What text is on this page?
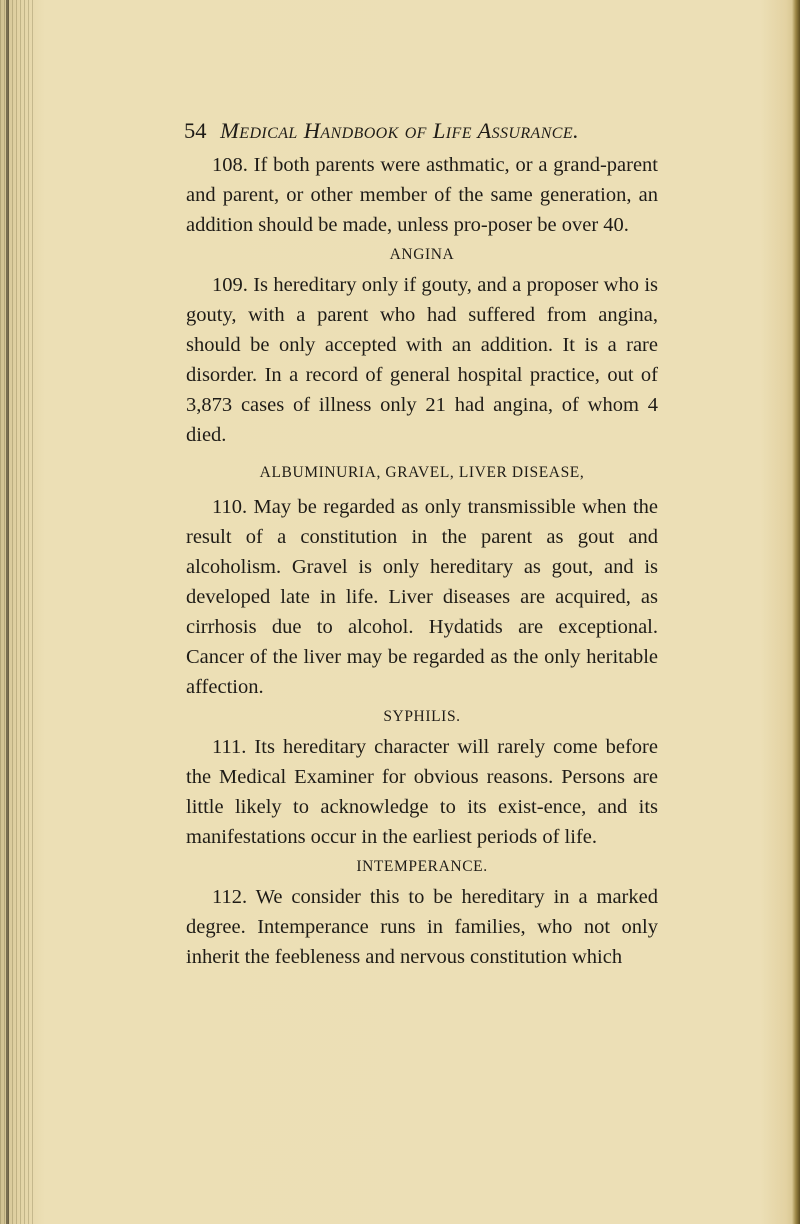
54 Medical Handbook of Life Assurance.

108. If both parents were asthmatic, or a grand-parent and parent, or other member of the same generation, an addition should be made, unless pro-poser be over 40.

ANGINA

109. Is hereditary only if gouty, and a proposer who is gouty, with a parent who had suffered from angina, should be only accepted with an addition. It is a rare disorder. In a record of general hospital practice, out of 3,873 cases of illness only 21 had angina, of whom 4 died.

ALBUMINURIA, GRAVEL, LIVER DISEASE,

110. May be regarded as only transmissible when the result of a constitution in the parent as gout and alcoholism. Gravel is only hereditary as gout, and is developed late in life. Liver diseases are acquired, as cirrhosis due to alcohol. Hydatids are exceptional. Cancer of the liver may be regarded as the only heritable affection.

SYPHILIS.

111. Its hereditary character will rarely come before the Medical Examiner for obvious reasons. Persons are little likely to acknowledge to its exist-ence, and its manifestations occur in the earliest periods of life.

INTEMPERANCE.

112. We consider this to be hereditary in a marked degree. Intemperance runs in families, who not only inherit the feebleness and nervous constitution which
